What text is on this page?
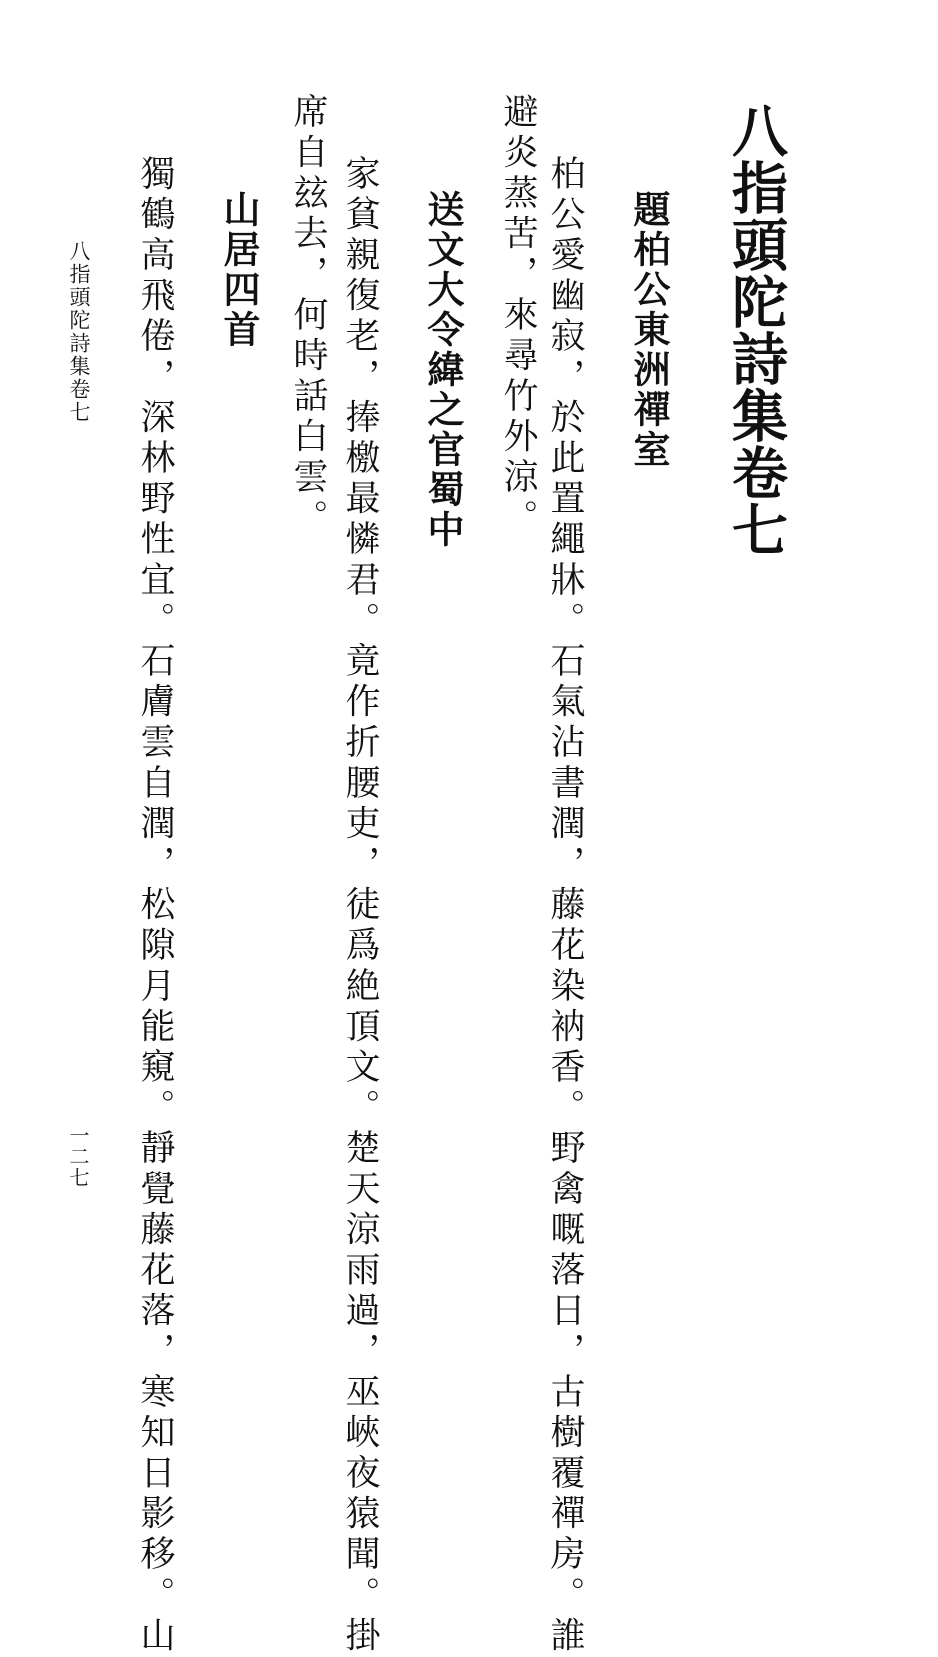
八指頭陀詩集卷七
題柏公東洲禪室
柏公愛幽寂，於此置繩牀。石氣沾書潤，藤花染衲香。野禽嘅落日，古樹覆禪房。誰
避炎蒸苦，來尋竹外涼。
送文大令緯之官蜀中
家貧親復老，捧檄最憐君。竟作折腰吏，徒爲絶頂文。楚天涼雨過，巫峽夜猿聞。掛
席自玆去，何時話白雲。
山居四首
獨鶴高飛倦，深林野性宜。石膚雲自潤，松隙月能窺。靜覺藤花落，寒知日影移。山
八指頭陀詩集卷七
一二七
